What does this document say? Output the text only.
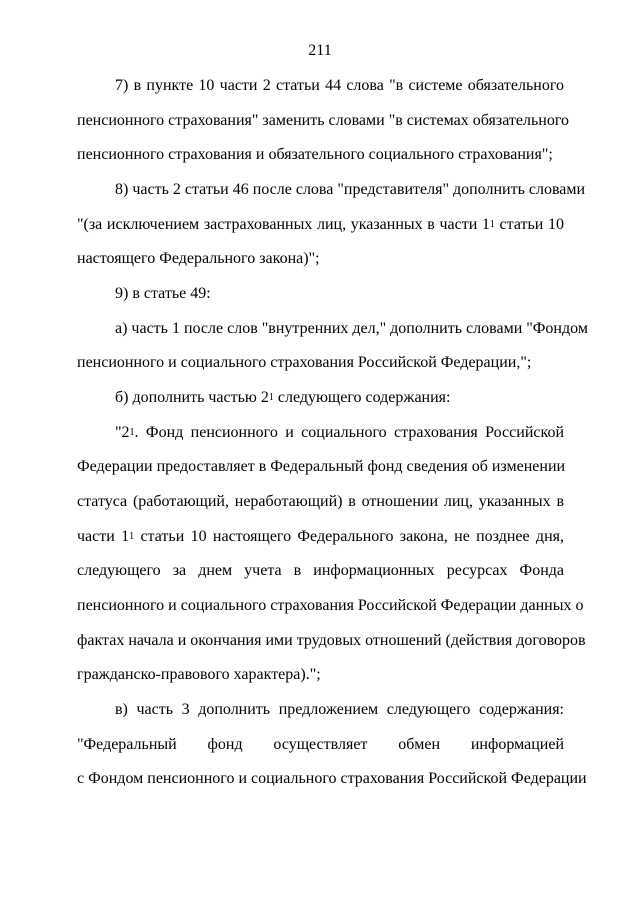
211
7) в пункте 10 части 2 статьи 44 слова "в системе обязательного
пенсионного страхования" заменить словами "в системах обязательного
пенсионного страхования и обязательного социального страхования";
8) часть 2 статьи 46 после слова "представителя" дополнить словами
"(за исключением застрахованных лиц, указанных в части $1^1$ статьи 10
настоящего Федерального закона)";
9) в статье 49:
а) часть 1 после слов "внутренних дел," дополнить словами "Фондом
пенсионного и социального страхования Российской Федерации,";
б) дополнить частью $2^1$ следующего содержания:
"$2^1$. Фонд пенсионного и социального страхования Российской
Федерации предоставляет в Федеральный фонд сведения об изменении
статуса (работающий, неработающий) в отношении лиц, указанных в
части $1^1$ статьи 10 настоящего Федерального закона, не позднее дня,
следующего за днем учета в информационных ресурсах Фонда
пенсионного и социального страхования Российской Федерации данных о
фактах начала и окончания ими трудовых отношений (действия договоров
гражданско-правового характера).";
в) часть 3 дополнить предложением следующего содержания:
"Федеральный фонд осуществляет обмен информацией
с Фондом пенсионного и социального страхования Российской Федерации
